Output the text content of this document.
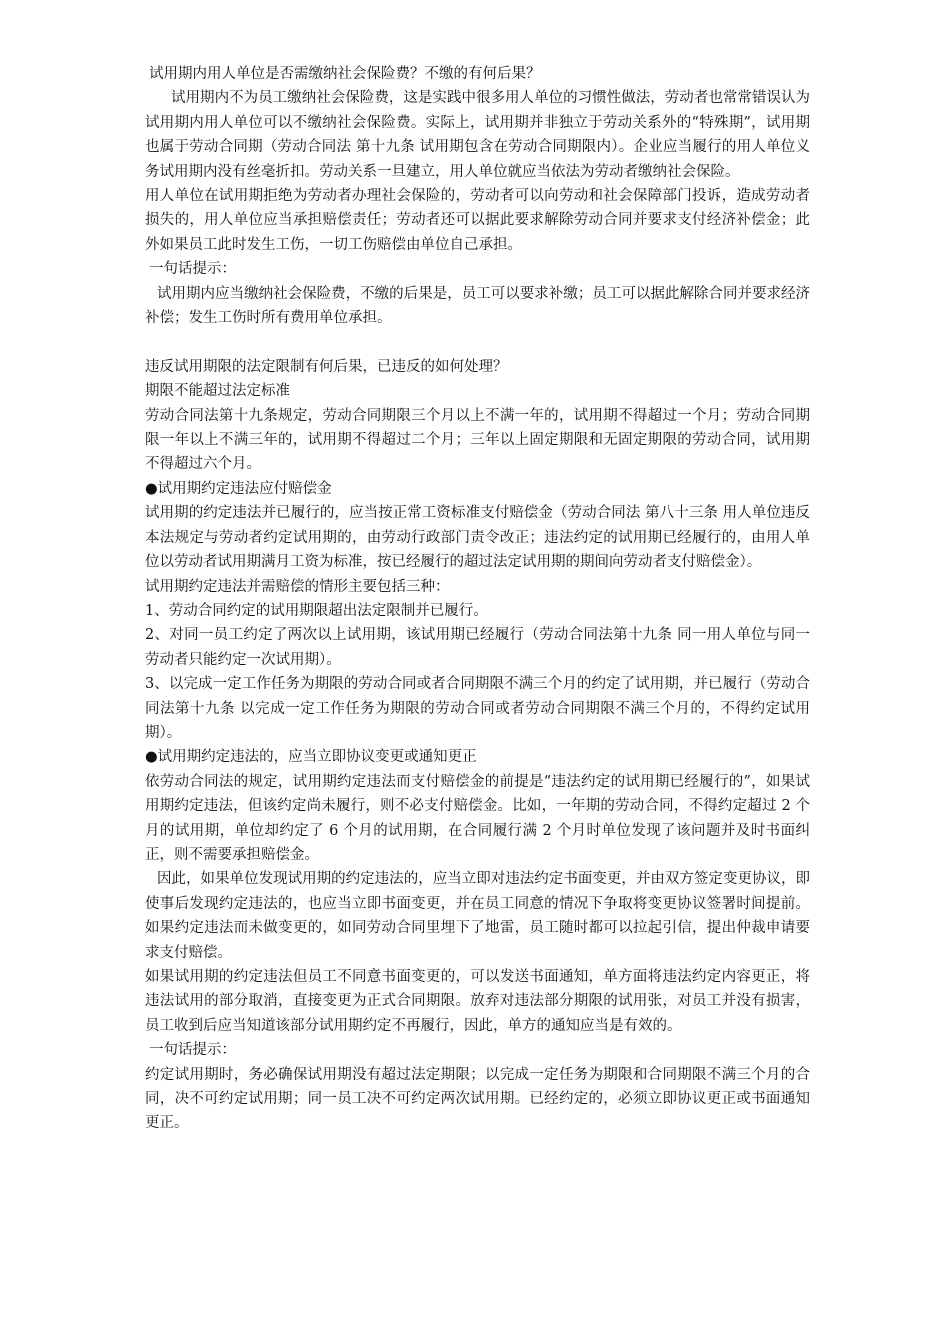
试用期内用人单位是否需缴纳社会保险费？不缴的有何后果？

试用期内不为员工缴纳社会保险费，这是实践中很多用人单位的习惯性做法，劳动者也常常错误认为试用期内用人单位可以不缴纳社会保险费。实际上，试用期并非独立于劳动关系外的“特殊期”，试用期也属于劳动合同期（劳动合同法 第十九条 试用期包含在劳动合同期限内）。企业应当履行的用人单位义务试用期内没有丝毫折扣。劳动关系一旦建立，用人单位就应当依法为劳动者缴纳社会保险。

用人单位在试用期拒绝为劳动者办理社会保险的，劳动者可以向劳动和社会保障部门投诉，造成劳动者损失的，用人单位应当承担赔偿责任；劳动者还可以据此要求解除劳动合同并要求支付经济补偿金；此外如果员工此时发生工伤，一切工伤赔偿由单位自己承担。

一句话提示：

试用期内应当缴纳社会保险费，不缴的后果是，员工可以要求补缴；员工可以据此解除合同并要求经济补偿；发生工伤时所有费用单位承担。

违反试用期限的法定限制有何后果，已违反的如何处理？

期限不能超过法定标准

劳动合同法第十九条规定，劳动合同期限三个月以上不满一年的，试用期不得超过一个月；劳动合同期限一年以上不满三年的，试用期不得超过二个月；三年以上固定期限和无固定期限的劳动合同，试用期不得超过六个月。

●试用期约定违法应付赔偿金

试用期的约定违法并已履行的，应当按正常工资标准支付赔偿金（劳动合同法 第八十三条 用人单位违反本法规定与劳动者约定试用期的，由劳动行政部门责令改正；违法约定的试用期已经履行的，由用人单位以劳动者试用期满月工资为标准，按已经履行的超过法定试用期的期间向劳动者支付赔偿金）。

试用期约定违法并需赔偿的情形主要包括三种：

1、劳动合同约定的试用期限超出法定限制并已履行。

2、对同一员工约定了两次以上试用期，该试用期已经履行（劳动合同法第十九条 同一用人单位与同一劳动者只能约定一次试用期）。

3、以完成一定工作任务为期限的劳动合同或者合同期限不满三个月的约定了试用期，并已履行（劳动合同法第十九条 以完成一定工作任务为期限的劳动合同或者劳动合同期限不满三个月的，不得约定试用期）。

●试用期约定违法的，应当立即协议变更或通知更正

依劳动合同法的规定，试用期约定违法而支付赔偿金的前提是“违法约定的试用期已经履行的”，如果试用期约定违法，但该约定尚未履行，则不必支付赔偿金。比如，一年期的劳动合同，不得约定超过 2 个月的试用期，单位却约定了 6 个月的试用期，在合同履行满 2 个月时单位发现了该问题并及时书面纠正，则不需要承担赔偿金。

因此，如果单位发现试用期的约定违法的，应当立即对违法约定书面变更，并由双方签定变更协议，即使事后发现约定违法的，也应当立即书面变更，并在员工同意的情况下争取将变更协议签署时间提前。如果约定违法而未做变更的，如同劳动合同里埋下了地雷，员工随时都可以拉起引信，提出仲裁申请要求支付赔偿。

如果试用期的约定违法但员工不同意书面变更的，可以发送书面通知，单方面将违法约定内容更正，将违法试用的部分取消，直接变更为正式合同期限。放弃对违法部分期限的试用张，对员工并没有损害，员工收到后应当知道该部分试用期约定不再履行，因此，单方的通知应当是有效的。

一句话提示：

约定试用期时，务必确保试用期没有超过法定期限；以完成一定任务为期限和合同期限不满三个月的合同，决不可约定试用期；同一员工决不可约定两次试用期。已经约定的，必须立即协议更正或书面通知更正。
